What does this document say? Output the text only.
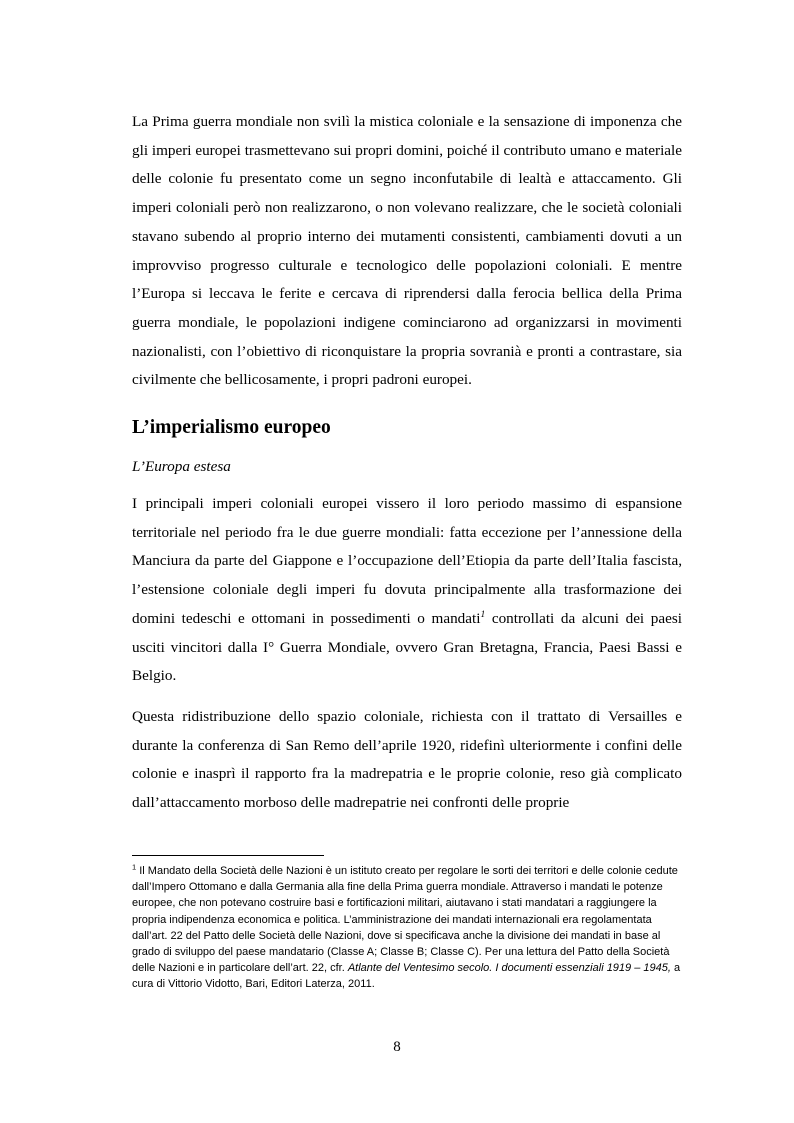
La Prima guerra mondiale non svilì la mistica coloniale e la sensazione di imponenza che gli imperi europei trasmettevano sui propri domini, poiché il contributo umano e materiale delle colonie fu presentato come un segno inconfutabile di lealtà e attaccamento. Gli imperi coloniali però non realizzarono, o non volevano realizzare, che le società coloniali stavano subendo al proprio interno dei mutamenti consistenti, cambiamenti dovuti a un improvviso progresso culturale e tecnologico delle popolazioni coloniali. E mentre l’Europa si leccava le ferite e cercava di riprendersi dalla ferocia bellica della Prima guerra mondiale, le popolazioni indigene cominciarono ad organizzarsi in movimenti nazionalisti, con l’obiettivo di riconquistare la propria sovranià e pronti a contrastare, sia civilmente che bellicosamente, i propri padroni europei.

L’imperialismo europeo

L’Europa estesa

I principali imperi coloniali europei vissero il loro periodo massimo di espansione territoriale nel periodo fra le due guerre mondiali: fatta eccezione per l’annessione della Manciura da parte del Giappone e l’occupazione dell’Etiopia da parte dell’Italia fascista, l’estensione coloniale degli imperi fu dovuta principalmente alla trasformazione dei domini tedeschi e ottomani in possedimenti o mandati$^1$ controllati da alcuni dei paesi usciti vincitori dalla I° Guerra Mondiale, ovvero Gran Bretagna, Francia, Paesi Bassi e Belgio.

Questa ridistribuzione dello spazio coloniale, richiesta con il trattato di Versailles e durante la conferenza di San Remo dell’aprile 1920, ridefinì ulteriormente i confini delle colonie e inasprì il rapporto fra la madrepatria e le proprie colonie, reso già complicato dall’attaccamento morboso delle madrepatrie nei confronti delle proprie

$^1$ Il Mandato della Società delle Nazioni è un istituto creato per regolare le sorti dei territori e delle colonie cedute dall’Impero Ottomano e dalla Germania alla fine della Prima guerra mondiale. Attraverso i mandati le potenze europee, che non potevano costruire basi e fortificazioni militari, aiutavano i stati mandatari a raggiungere la propria indipendenza economica e politica. L’amministrazione dei mandati internazionali era regolamentata dall’art. 22 del Patto delle Società delle Nazioni, dove si specificava anche la divisione dei mandati in base al grado di sviluppo del paese mandatario (Classe A; Classe B; Classe C). Per una lettura del Patto della Società delle Nazioni e in particolare dell’art. 22, cfr. Atlante del Ventesimo secolo. I documenti essenziali 1919 – 1945, a cura di Vittorio Vidotto, Bari, Editori Laterza, 2011.

8
